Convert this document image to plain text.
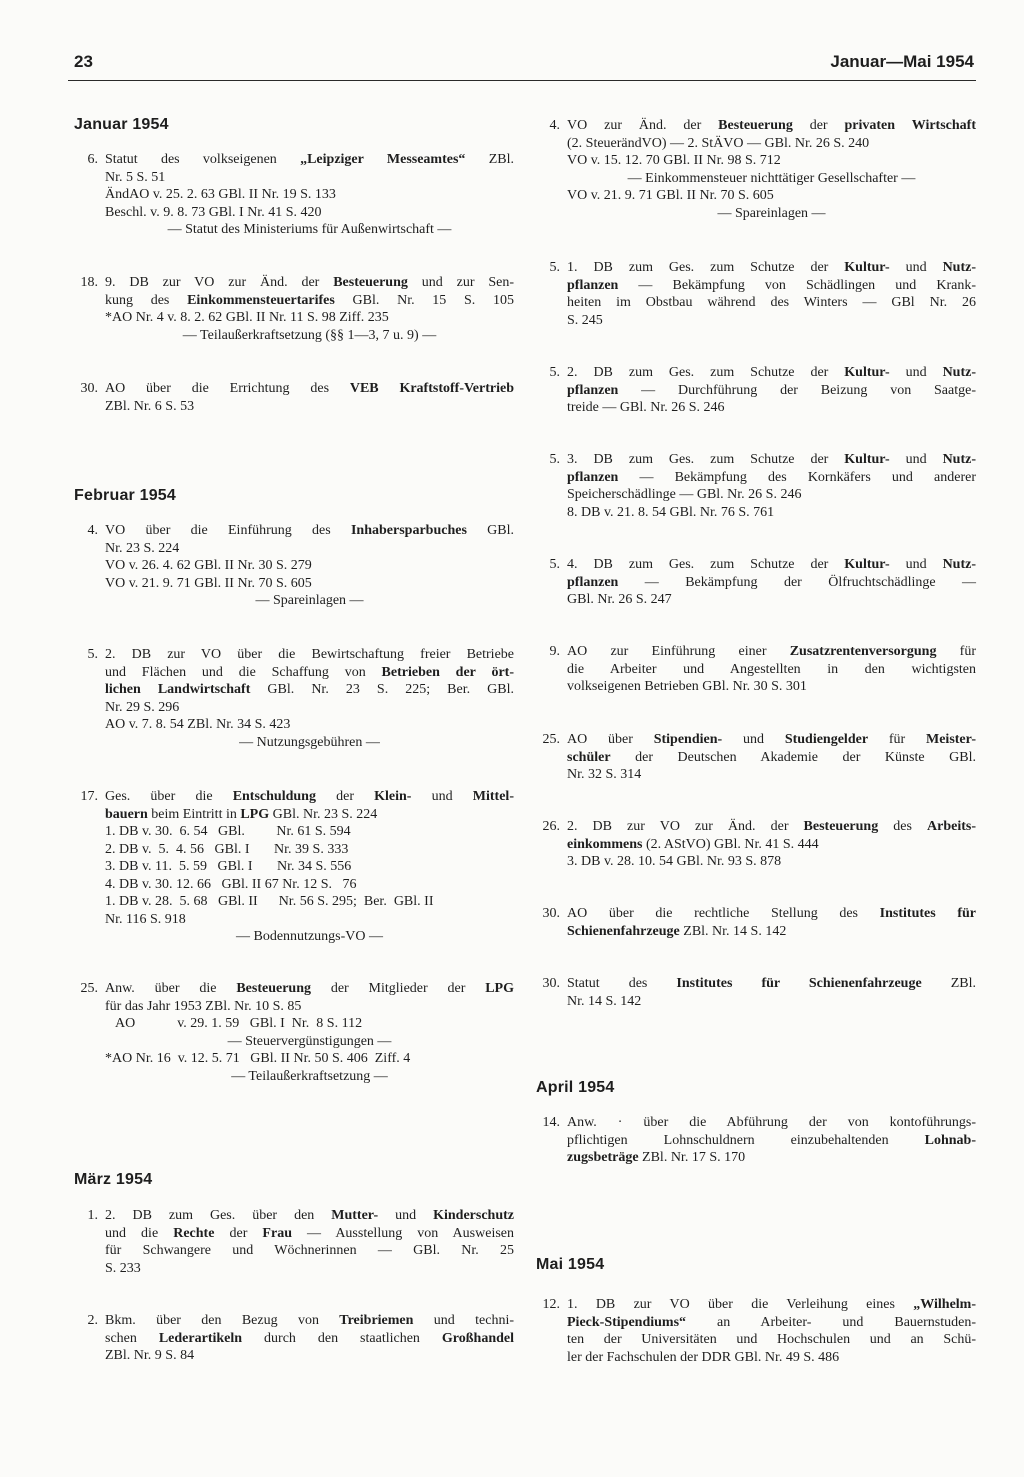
23	Januar—Mai 1954
Januar 1954
6. Statut des volkseigenen „Leipziger Messeamtes“ ZBl.
Nr. 5 S. 51
ÄndAO v. 25. 2. 63 GBl. II Nr. 19 S. 133
Beschl. v. 9. 8. 73 GBl. I Nr. 41 S. 420
— Statut des Ministeriums für Außenwirtschaft —
18. 9. DB zur VO zur Änd. der Besteuerung und zur Sen-
kung des Einkommensteuertarifes GBl. Nr. 15 S. 105
*AO Nr. 4 v. 8. 2. 62 GBl. II Nr. 11 S. 98 Ziff. 235
— Teilaußerkraftsetzung (§§ 1—3, 7 u. 9) —
30. AO über die Errichtung des VEB Kraftstoff-Vertrieb
ZBl. Nr. 6 S. 53
Februar 1954
4. VO über die Einführung des Inhabersparbuches GBl.
Nr. 23 S. 224
VO v. 26. 4. 62 GBl. II Nr. 30 S. 279
VO v. 21. 9. 71 GBl. II Nr. 70 S. 605
— Spareinlagen —
5. 2. DB zur VO über die Bewirtschaftung freier Betriebe
und Flächen und die Schaffung von Betrieben der ört-
lichen Landwirtschaft GBl. Nr. 23 S. 225; Ber. GBl.
Nr. 29 S. 296
AO v. 7. 8. 54 ZBl. Nr. 34 S. 423
— Nutzungsgebühren —
17. Ges. über die Entschuldung der Klein- und Mittel-
bauern beim Eintritt in LPG GBl. Nr. 23 S. 224
1. DB v. 30.  6. 54   GBl.         Nr. 61 S. 594
2. DB v.  5.  4. 56   GBl. I       Nr. 39 S. 333
3. DB v. 11.  5. 59   GBl. I       Nr. 34 S. 556
4. DB v. 30. 12. 66   GBl. II 67 Nr. 12 S.   76
1. DB v. 28.  5. 68   GBl. II      Nr. 56 S. 295;  Ber.  GBl. II
Nr. 116 S. 918
— Bodennutzungs-VO —
25. Anw. über die Besteuerung der Mitglieder der LPG
für das Jahr 1953 ZBl. Nr. 10 S. 85
AO            v. 29. 1. 59   GBl. I  Nr.  8 S. 112
— Steuervergünstigungen —
*AO Nr. 16  v. 12. 5. 71   GBl. II Nr. 50 S. 406  Ziff. 4
— Teilaußerkraftsetzung —
März 1954
1. 2. DB zum Ges. über den Mutter- und Kinderschutz
und die Rechte der Frau — Ausstellung von Ausweisen
für Schwangere und Wöchnerinnen — GBl. Nr. 25
S. 233
2. Bkm. über den Bezug von Treibriemen und techni-
schen Lederartikeln durch den staatlichen Großhandel
ZBl. Nr. 9 S. 84
4. VO zur Änd. der Besteuerung der privaten Wirtschaft
(2. SteuerändVO) — 2. StÄVO — GBl. Nr. 26 S. 240
VO v. 15. 12. 70 GBl. II Nr. 98 S. 712
— Einkommensteuer nichttätiger Gesellschafter —
VO v. 21. 9. 71 GBl. II Nr. 70 S. 605
— Spareinlagen —
5. 1. DB zum Ges. zum Schutze der Kultur- und Nutz-
pflanzen — Bekämpfung von Schädlingen und Krank-
heiten im Obstbau während des Winters — GBl Nr. 26
S. 245
5. 2. DB zum Ges. zum Schutze der Kultur- und Nutz-
pflanzen — Durchführung der Beizung von Saatge-
treide — GBl. Nr. 26 S. 246
5. 3. DB zum Ges. zum Schutze der Kultur- und Nutz-
pflanzen — Bekämpfung des Kornkäfers und anderer
Speicherschädlinge — GBl. Nr. 26 S. 246
8. DB v. 21. 8. 54 GBl. Nr. 76 S. 761
5. 4. DB zum Ges. zum Schutze der Kultur- und Nutz-
pflanzen — Bekämpfung der Ölfruchtschädlinge —
GBl. Nr. 26 S. 247
9. AO zur Einführung einer Zusatzrentenversorgung für
die Arbeiter und Angestellten in den wichtigsten
volkseigenen Betrieben GBl. Nr. 30 S. 301
25. AO über Stipendien- und Studiengelder für Meister-
schüler der Deutschen Akademie der Künste GBl.
Nr. 32 S. 314
26. 2. DB zur VO zur Änd. der Besteuerung des Arbeits-
einkommens (2. AStVO) GBl. Nr. 41 S. 444
3. DB v. 28. 10. 54 GBl. Nr. 93 S. 878
30. AO über die rechtliche Stellung des Institutes für
Schienenfahrzeuge ZBl. Nr. 14 S. 142
30. Statut des Institutes für Schienenfahrzeuge ZBl.
Nr. 14 S. 142
April 1954
14. Anw. · über die Abführung der von kontoführungs-
pflichtigen Lohnschuldnern einzubehaltenden Lohnab-
zugsbeträge ZBl. Nr. 17 S. 170
Mai 1954
12. 1. DB zur VO über die Verleihung eines „Wilhelm-
Pieck-Stipendiums“ an Arbeiter- und Bauernstuden-
ten der Universitäten und Hochschulen und an Schü-
ler der Fachschulen der DDR GBl. Nr. 49 S. 486
